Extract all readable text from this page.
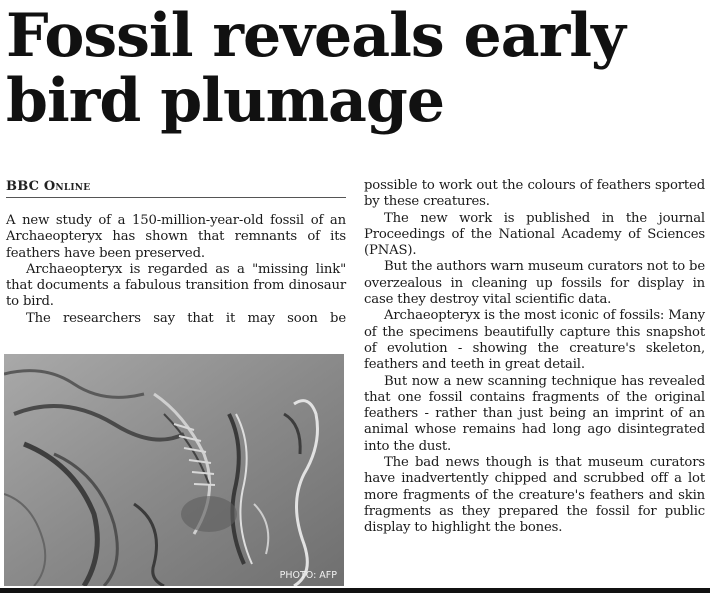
Fossil reveals early
bird plumage
BBC Online

A new study of a 150-million-year-old fossil of an Archaeopteryx has shown that remnants of its feathers have been preserved.

Archaeopteryx is regarded as a "missing link" that documents a fabulous transition from dinosaur to bird.

The researchers say that it may soon be

PHOTO: AFP

possible to work out the colours of feathers sported by these creatures.

The new work is published in the journal Proceedings of the National Academy of Sciences (PNAS).

But the authors warn museum curators not to be overzealous in cleaning up fossils for display in case they destroy vital scientific data.

Archaeopteryx is the most iconic of fossils: Many of the specimens beautifully capture this snapshot of evolution - showing the creature's skeleton, feathers and teeth in great detail.

But now a new scanning technique has revealed that one fossil contains fragments of the original feathers - rather than just being an imprint of an animal whose remains had long ago disintegrated into the dust.

The bad news though is that museum curators have inadvertently chipped and scrubbed off a lot more fragments of the creature's feathers and skin fragments as they prepared the fossil for public display to highlight the bones.
